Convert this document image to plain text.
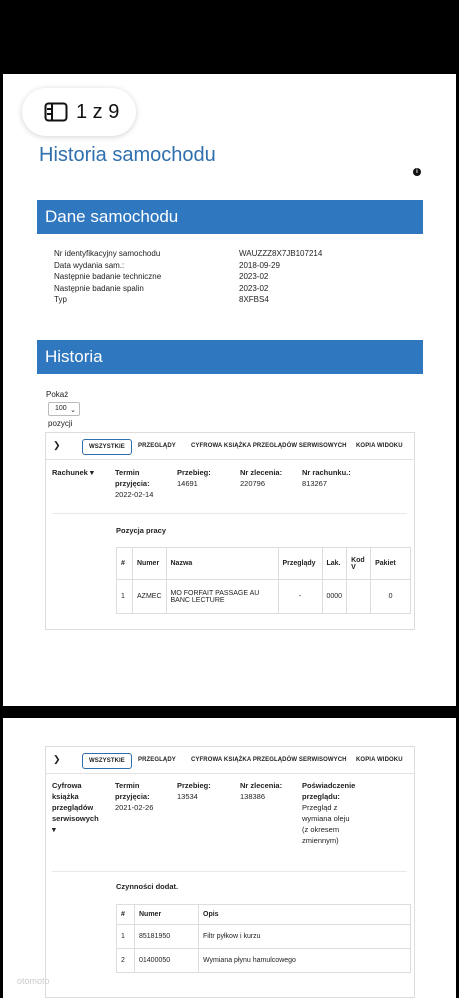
1 z 9
Historia samochodu
i
Dane samochodu
Nr identyfikacyjny samochodu	WAUZZZ8X7JB107214
Data wydania sam.:	2018-09-29
Następnie badanie techniczne	2023-02
Następnie badanie spalin	2023-02
Typ	8XFBS4
Historia
Pokaż
100 ⌄
pozycji
❯	WSZYSTKIE	PRZEGLĄDY	CYFROWA KSIĄŻKA PRZEGLĄDÓW SERWISOWYCH KOPIA WIDOKU
Rachunek ▾	Termin przyjęcia:
2022-02-14
Przebieg:
14691
Nr zlecenia:
220796
Nr rachunku.:
813267
Pozycja pracy
#	Numer	Nazwa	Przeglądy	Lak.	Kod V	Pakiet
1	AZMEC	MO FORFAIT PASSAGE AU BANC LECTURE	-	0000		0
❯	WSZYSTKIE	PRZEGLĄDY	CYFROWA KSIĄŻKA PRZEGLĄDÓW SERWISOWYCH KOPIA WIDOKU
Cyfrowa książka przeglądów serwisowych
▾
Termin przyjęcia:
2021-02-26
Przebieg:
13534
Nr zlecenia:
138386
Poświadczenie przeglądu:
Przegląd z wymiana oleju (z okresem zmiennym)
Czynności dodat.
#	Numer	Opis
1	85181950	Filtr pyłkow i kurzu
2	01400050	Wymiana płynu hamulcowego
otomoto
